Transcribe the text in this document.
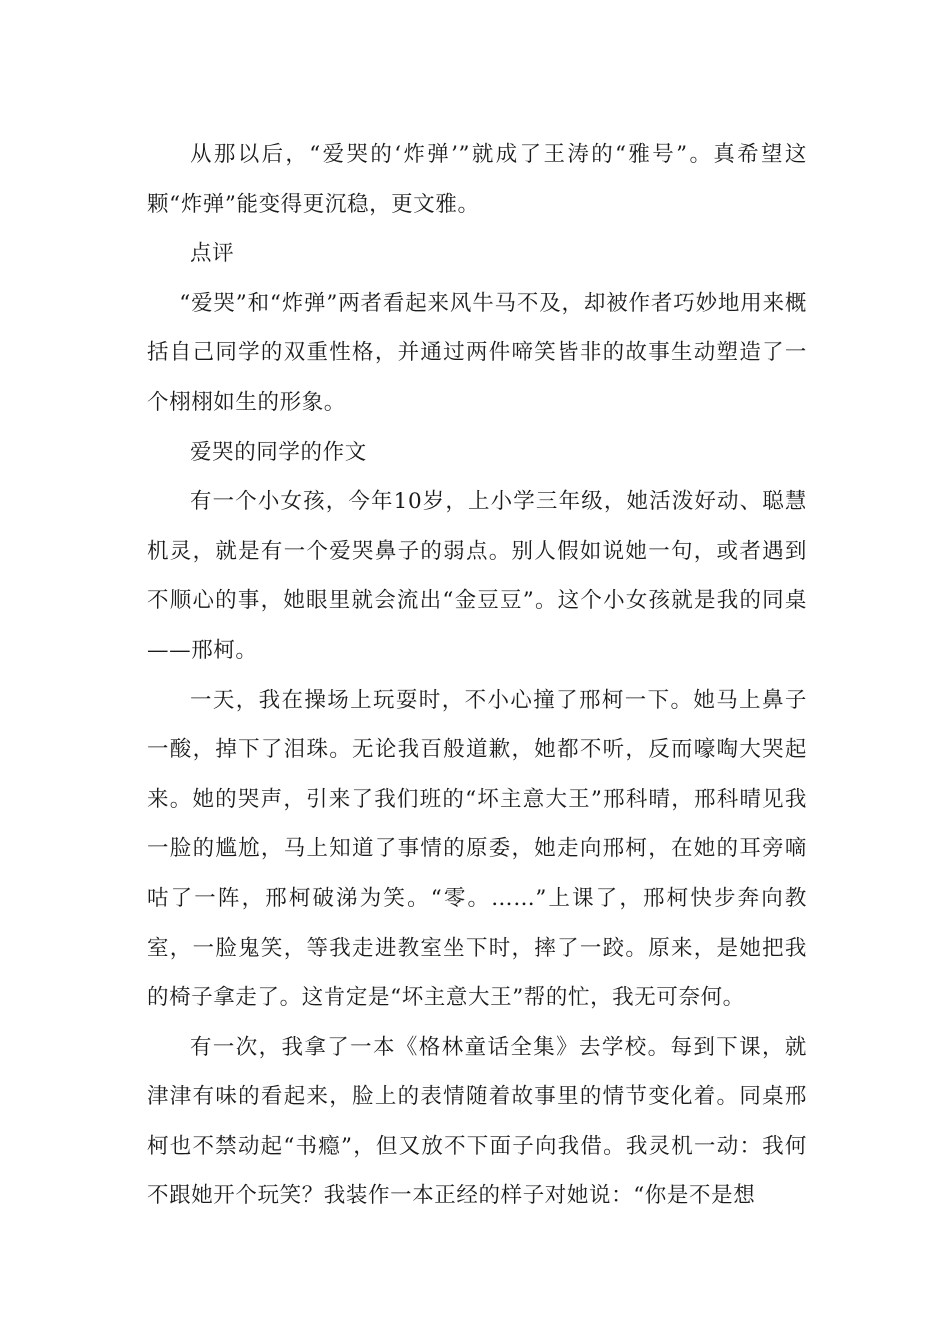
从那以后，“爱哭的‘炸弹’”就成了王涛的“雅号”。真希望这颗“炸弹”能变得更沉稳，更文雅。

点评

“爱哭”和“炸弹”两者看起来风牛马不及，却被作者巧妙地用来概括自己同学的双重性格，并通过两件啼笑皆非的故事生动塑造了一个栩栩如生的形象。

爱哭的同学的作文

有一个小女孩，今年10岁，上小学三年级，她活泼好动、聪慧机灵，就是有一个爱哭鼻子的弱点。别人假如说她一句，或者遇到不顺心的事，她眼里就会流出“金豆豆”。这个小女孩就是我的同桌——邢柯。

一天，我在操场上玩耍时，不小心撞了邢柯一下。她马上鼻子一酸，掉下了泪珠。无论我百般道歉，她都不听，反而嚎啕大哭起来。她的哭声，引来了我们班的“坏主意大王”邢科晴，邢科晴见我一脸的尴尬，马上知道了事情的原委，她走向邢柯，在她的耳旁嘀咕了一阵，邢柯破涕为笑。“零。……”上课了，邢柯快步奔向教室，一脸鬼笑，等我走进教室坐下时，摔了一跤。原来，是她把我的椅子拿走了。这肯定是“坏主意大王”帮的忙，我无可奈何。

有一次，我拿了一本《格林童话全集》去学校。每到下课，就津津有味的看起来，脸上的表情随着故事里的情节变化着。同桌邢柯也不禁动起“书瘾”，但又放不下面子向我借。我灵机一动：我何不跟她开个玩笑？我装作一本正经的样子对她说：“你是不是想
